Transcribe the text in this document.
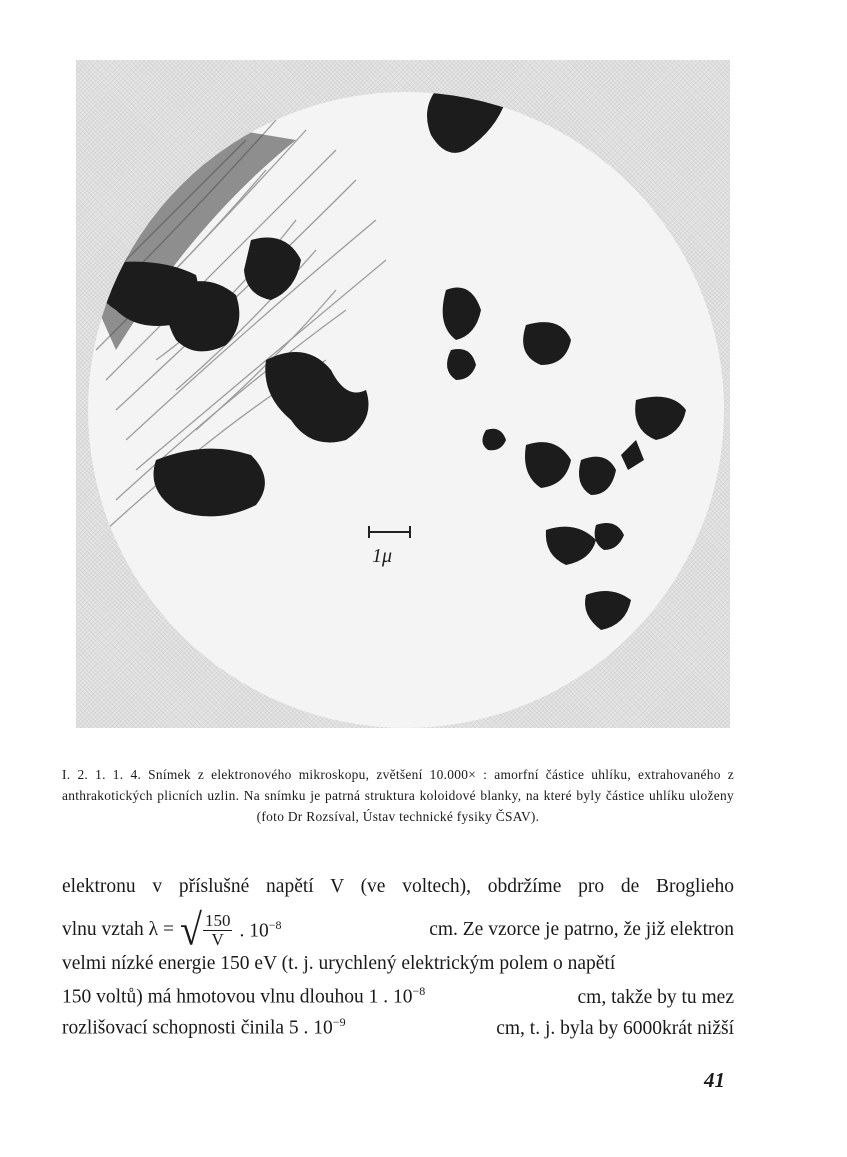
1μ
I. 2. 1. 1. 4. Snímek z elektronového mikroskopu, zvětšení 10.000× : amorfní částice uhlíku, extrahovaného z anthrakotických plicních uzlin. Na snímku je patrná struktura koloidové blanky, na které byly částice uhlíku uloženy (foto Dr Rozsíval, Ústav technické fysiky ČSAV).
elektronu v příslušné napětí V (ve voltech), obdržíme pro de Broglieho
vlnu vztah λ = √
$\frac{150}{V}$ . $10^{-8}$	cm. Ze vzorce je patrno, že již elektron
velmi nízké energie 150 eV (t. j. urychlený elektrickým polem o napětí
150 voltů) má hmotovou vlnu dlouhou 1 . $10^{-8}$	cm, takže by tu mez
rozlišovací schopnosti činila 5 . $10^{-9}$	cm, t. j. byla by 6000krát nižší
41
